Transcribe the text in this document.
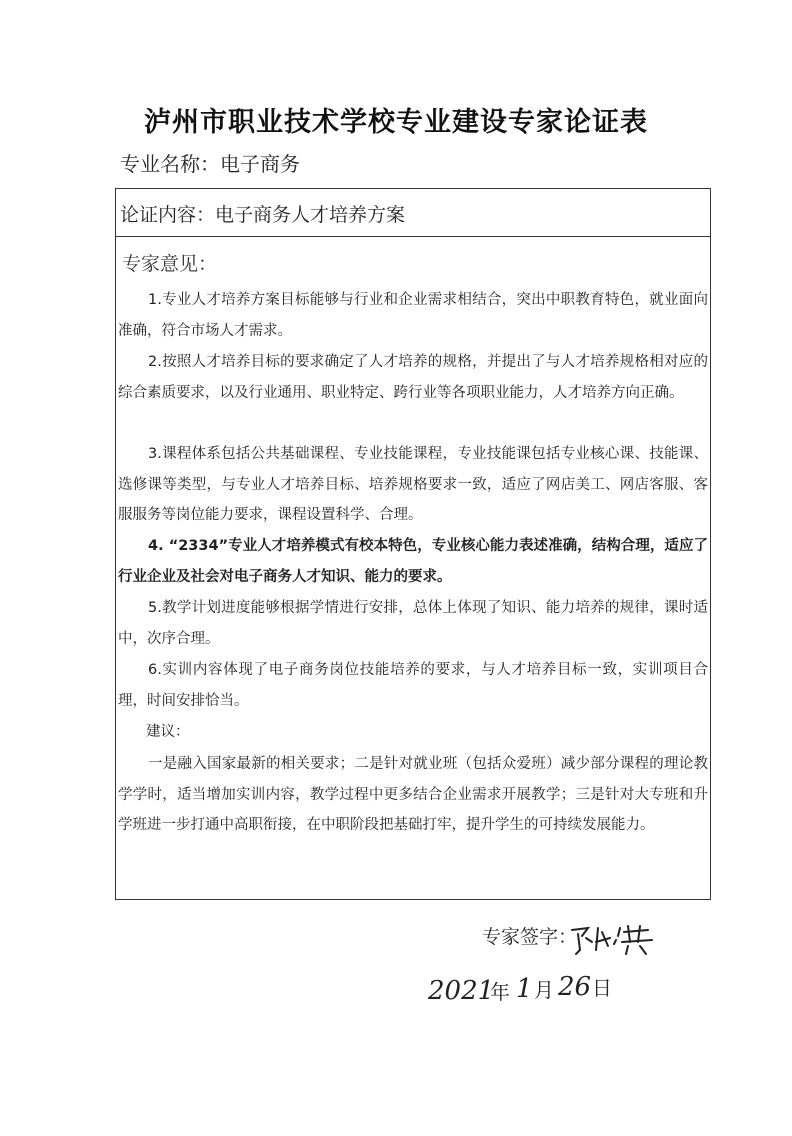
泸州市职业技术学校专业建设专家论证表
专业名称：电子商务
论证内容：电子商务人才培养方案
专家意见：
1.专业人才培养方案目标能够与行业和企业需求相结合，突出中职教育特色，就业面向准确，符合市场人才需求。
2.按照人才培养目标的要求确定了人才培养的规格，并提出了与人才培养规格相对应的综合素质要求，以及行业通用、职业特定、跨行业等各项职业能力，人才培养方向正确。
3.课程体系包括公共基础课程、专业技能课程，专业技能课包括专业核心课、技能课、选修课等类型，与专业人才培养目标、培养规格要求一致，适应了网店美工、网店客服、客服服务等岗位能力要求，课程设置科学、合理。
4. “2334”专业人才培养模式有校本特色，专业核心能力表述准确，结构合理，适应了行业企业及社会对电子商务人才知识、能力的要求。
5.教学计划进度能够根据学情进行安排，总体上体现了知识、能力培养的规律，课时适中，次序合理。
6.实训内容体现了电子商务岗位技能培养的要求，与人才培养目标一致，实训项目合理，时间安排恰当。
建议：
一是融入国家最新的相关要求；二是针对就业班（包括众爱班）减少部分课程的理论教学学时，适当增加实训内容，教学过程中更多结合企业需求开展教学；三是针对大专班和升学班进一步打通中高职衔接，在中职阶段把基础打牢，提升学生的可持续发展能力。
专家签字：
2021
年 1 月 26 日
